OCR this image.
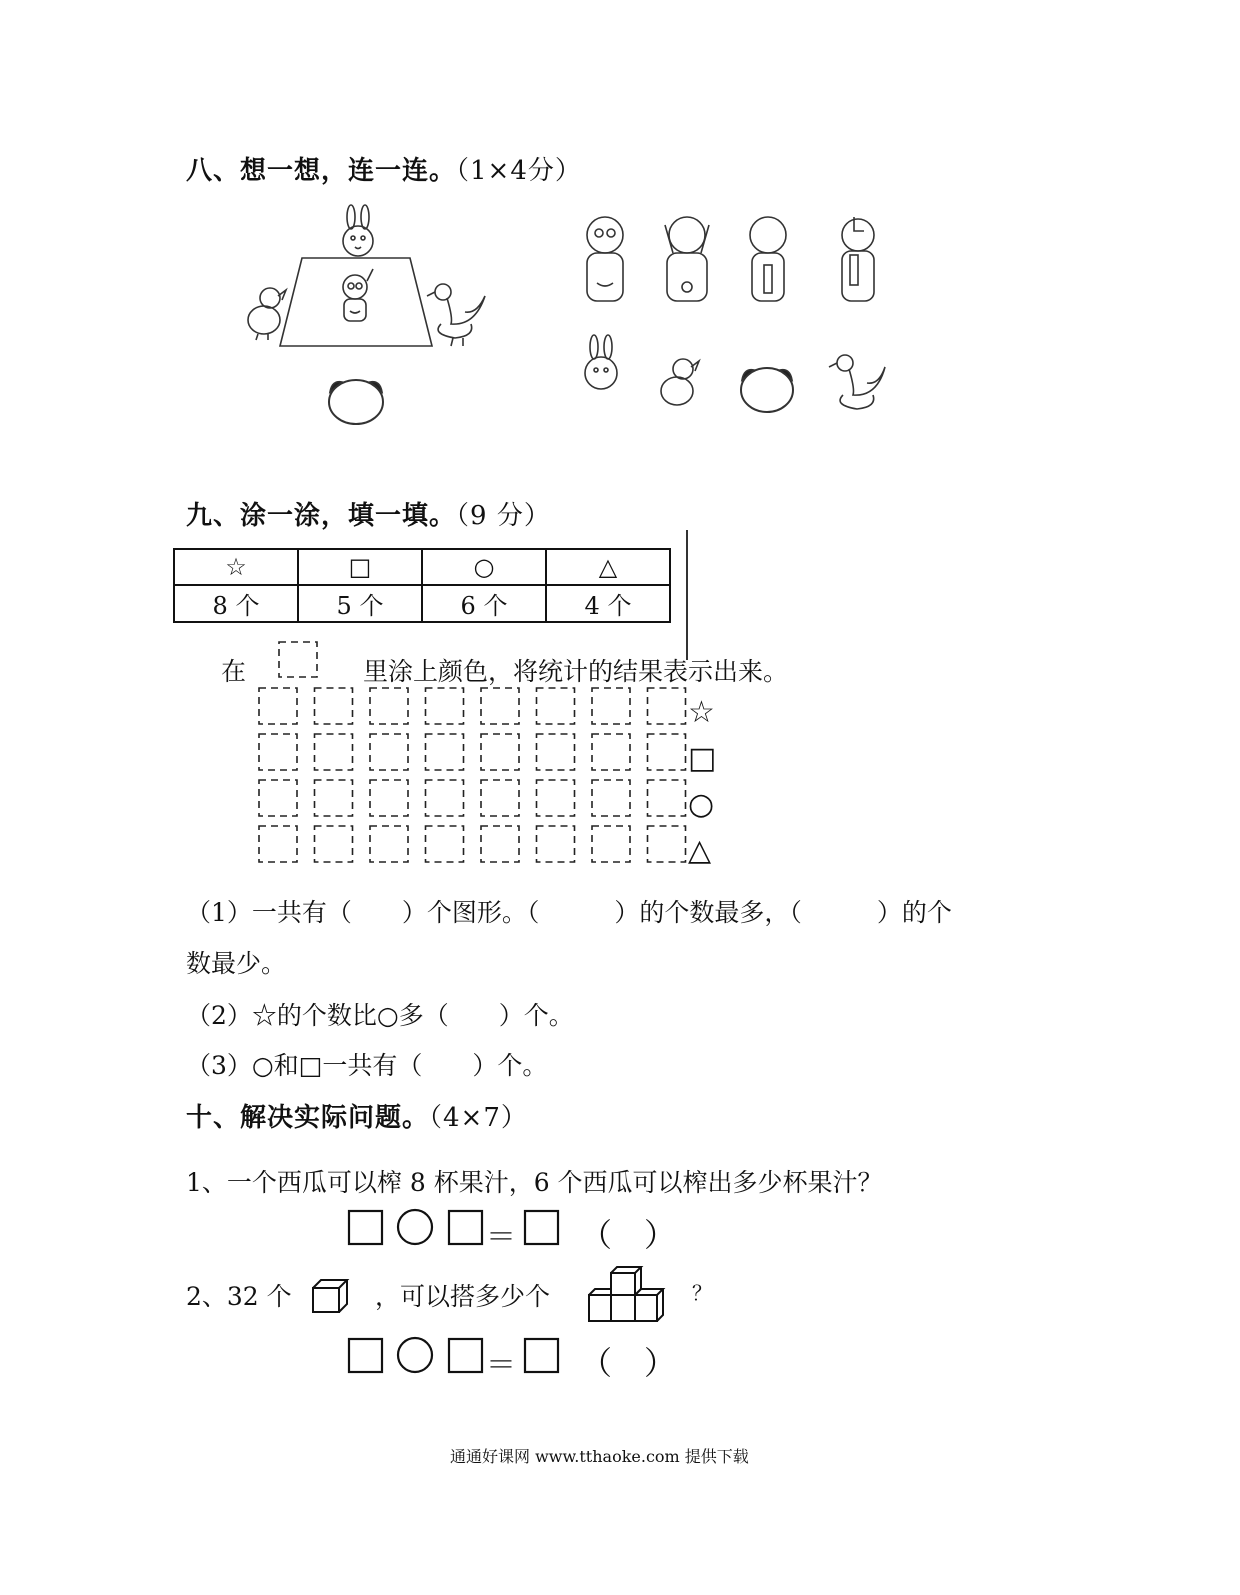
八、想一想，连一连。（1×4分）
九、涂一涂，填一填。（9 分）
☆	□	○	△
8 个	5 个	6 个	4 个
在	里涂上颜色，将统计的结果表示出来。
☆
□
○
△
（1）一共有（　　）个图形。（　　　）的个数最多，（　　　）的个
数最少。
（2）☆的个数比○多（　　）个。
（3）○和□一共有（　　）个。
十、解决实际问题。（4×7）
1、一个西瓜可以榨 8 杯果汁，6 个西瓜可以榨出多少杯果汁？
＝ （　）
2、32 个	，可以搭多少个	？
＝ （　）
通通好课网 www.tthaoke.com 提供下载
